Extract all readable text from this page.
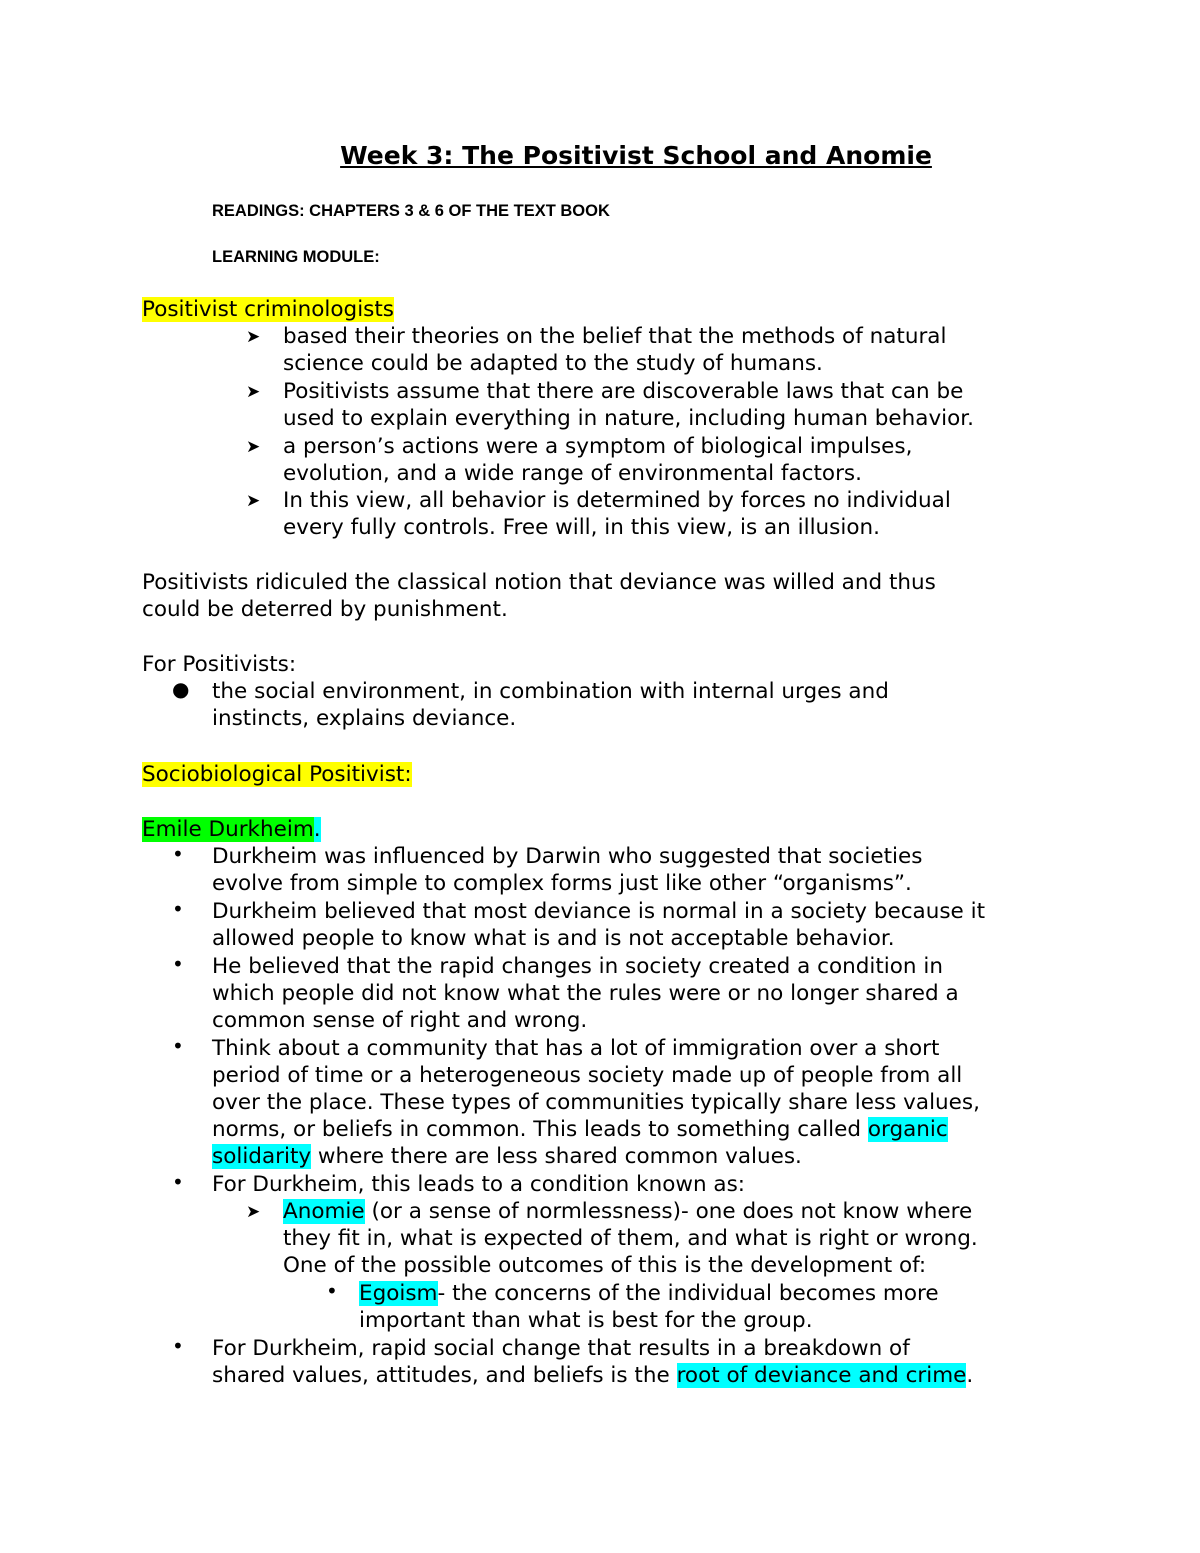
Week 3: The Positivist School and Anomie
READINGS: CHAPTERS 3 & 6 OF THE TEXT BOOK
LEARNING MODULE:
Positivist criminologists
➤ based their theories on the belief that the methods of natural
science could be adapted to the study of humans.
➤ Positivists assume that there are discoverable laws that can be
used to explain everything in nature, including human behavior.
➤ a person’s actions were a symptom of biological impulses,
evolution, and a wide range of environmental factors.
➤ In this view, all behavior is determined by forces no individual
every fully controls. Free will, in this view, is an illusion.
Positivists ridiculed the classical notion that deviance was willed and thus
could be deterred by punishment.
For Positivists:
● the social environment, in combination with internal urges and
instincts, explains deviance.
Sociobiological Positivist:
Emile Durkheim.
• Durkheim was influenced by Darwin who suggested that societies
evolve from simple to complex forms just like other “organisms”.
• Durkheim believed that most deviance is normal in a society because it
allowed people to know what is and is not acceptable behavior.
• He believed that the rapid changes in society created a condition in
which people did not know what the rules were or no longer shared a
common sense of right and wrong.
• Think about a community that has a lot of immigration over a short
period of time or a heterogeneous society made up of people from all
over the place. These types of communities typically share less values,
norms, or beliefs in common. This leads to something called organic
solidarity where there are less shared common values.
• For Durkheim, this leads to a condition known as:
➤ Anomie (or a sense of normlessness)- one does not know where
they fit in, what is expected of them, and what is right or wrong.
One of the possible outcomes of this is the development of:
• Egoism- the concerns of the individual becomes more
important than what is best for the group.
• For Durkheim, rapid social change that results in a breakdown of
shared values, attitudes, and beliefs is the root of deviance and crime.
